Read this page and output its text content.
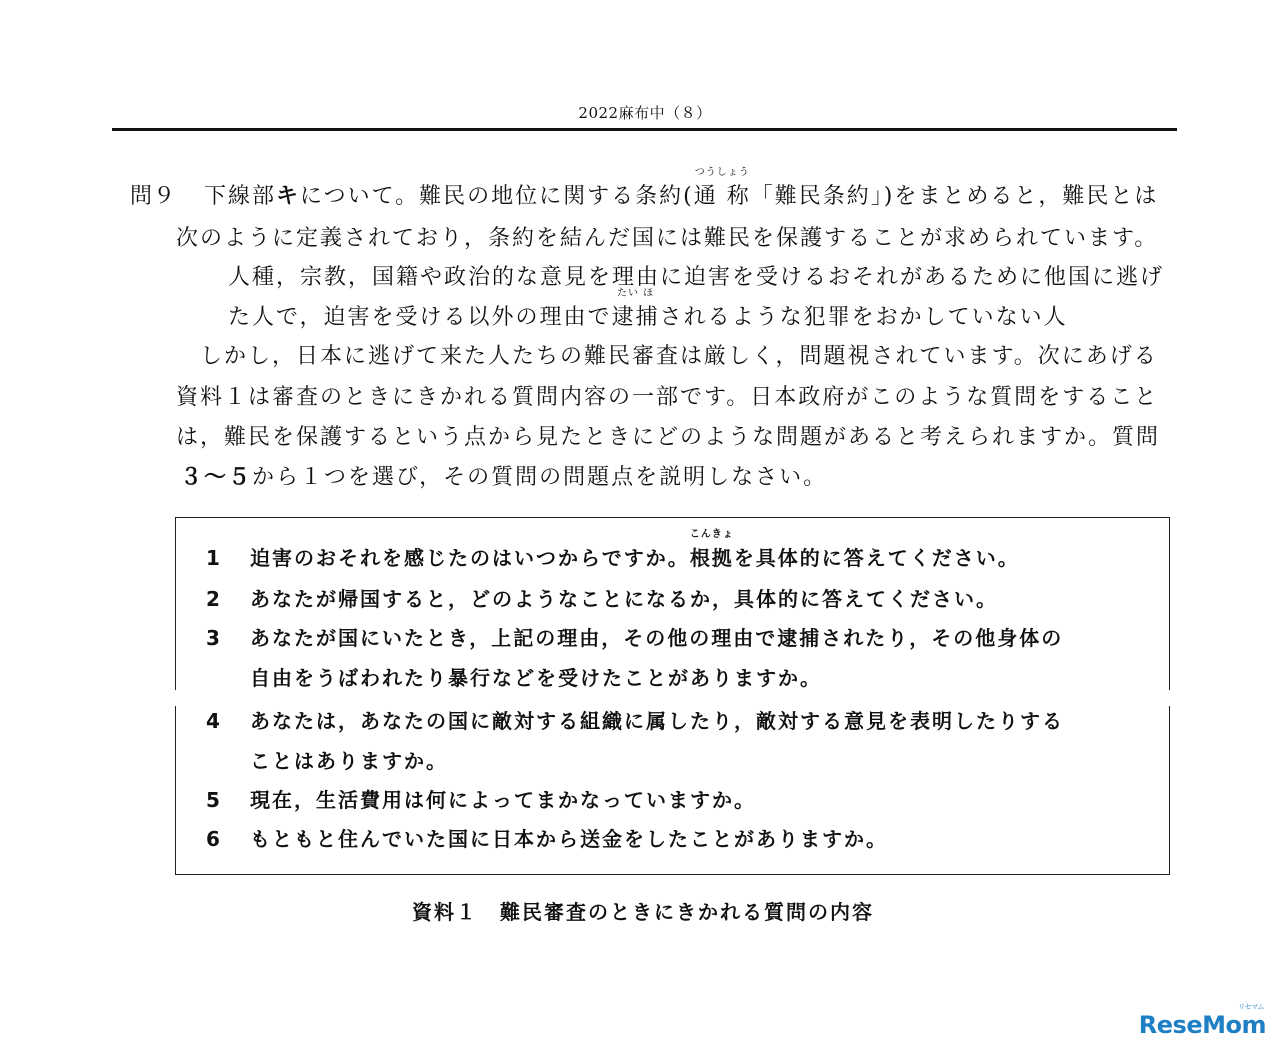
2022麻布中（８）
問９ 下線部キについて。難民の地位に関する条約(
つうしょう
通 称「難民条約」)をまとめると，難民とは
次のように定義されており，条約を結んだ国には難民を保護することが求められています。
人種，宗教，国籍や政治的な意見を理由に迫害を受けるおそれがあるために他国に逃げ
た人で，迫害を受ける以外の理由で
たい ほ
逮捕されるような犯罪をおかしていない人
しかし，日本に逃げて来た人たちの難民審査は厳しく，問題視されています。次にあげる
資料１は審査のときにきかれる質問内容の一部です。日本政府がこのような質問をすること
は，難民を保護するという点から見たときにどのような問題があると考えられますか。質問
３～５から１つを選び，その質問の問題点を説明しなさい。
1 迫害のおそれを感じたのはいつからですか。
こんきょ
根拠を具体的に答えてください。
2 あなたが帰国すると，どのようなことになるか，具体的に答えてください。
3 あなたが国にいたとき，上記の理由，その他の理由で逮捕されたり，その他身体の
自由をうばわれたり暴行などを受けたことがありますか。
4 あなたは，あなたの国に敵対する組織に属したり，敵対する意見を表明したりする
ことはありますか。
5 現在，生活費用は何によってまかなっていますか。
6 もともと住んでいた国に日本から送金をしたことがありますか。
資料１　難民審査のときにきかれる質問の内容
リセマム
ReseMom
